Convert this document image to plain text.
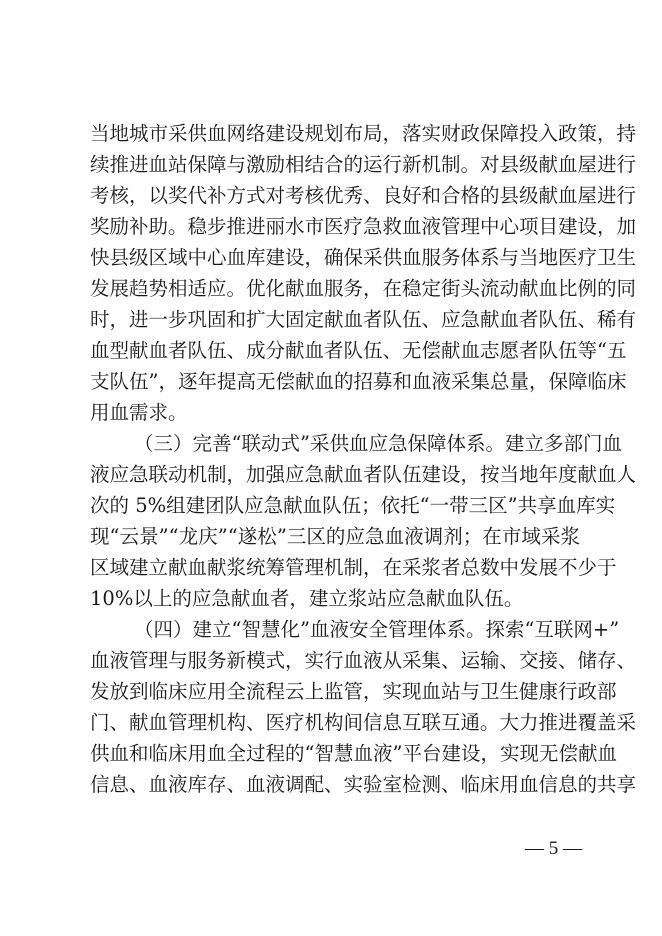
当地城市采供血网络建设规划布局，落实财政保障投入政策，持
续推进血站保障与激励相结合的运行新机制。对县级献血屋进行
考核，以奖代补方式对考核优秀、良好和合格的县级献血屋进行
奖励补助。稳步推进丽水市医疗急救血液管理中心项目建设，加
快县级区域中心血库建设，确保采供血服务体系与当地医疗卫生
发展趋势相适应。优化献血服务，在稳定街头流动献血比例的同
时，进一步巩固和扩大固定献血者队伍、应急献血者队伍、稀有
血型献血者队伍、成分献血者队伍、无偿献血志愿者队伍等“五
支队伍”，逐年提高无偿献血的招募和血液采集总量，保障临床
用血需求。
（三）完善“联动式”采供血应急保障体系。建立多部门血
液应急联动机制，加强应急献血者队伍建设，按当地年度献血人
次的 5%组建团队应急献血队伍；依托“一带三区”共享血库实
现“云景”“龙庆”“遂松”三区的应急血液调剂；在市域采浆
区域建立献血献浆统筹管理机制，在采浆者总数中发展不少于
10%以上的应急献血者，建立浆站应急献血队伍。
（四）建立“智慧化”血液安全管理体系。探索“互联网+”
血液管理与服务新模式，实行血液从采集、运输、交接、储存、
发放到临床应用全流程云上监管，实现血站与卫生健康行政部
门、献血管理机构、医疗机构间信息互联互通。大力推进覆盖采
供血和临床用血全过程的“智慧血液”平台建设，实现无偿献血
信息、血液库存、血液调配、实验室检测、临床用血信息的共享
— 5 —
